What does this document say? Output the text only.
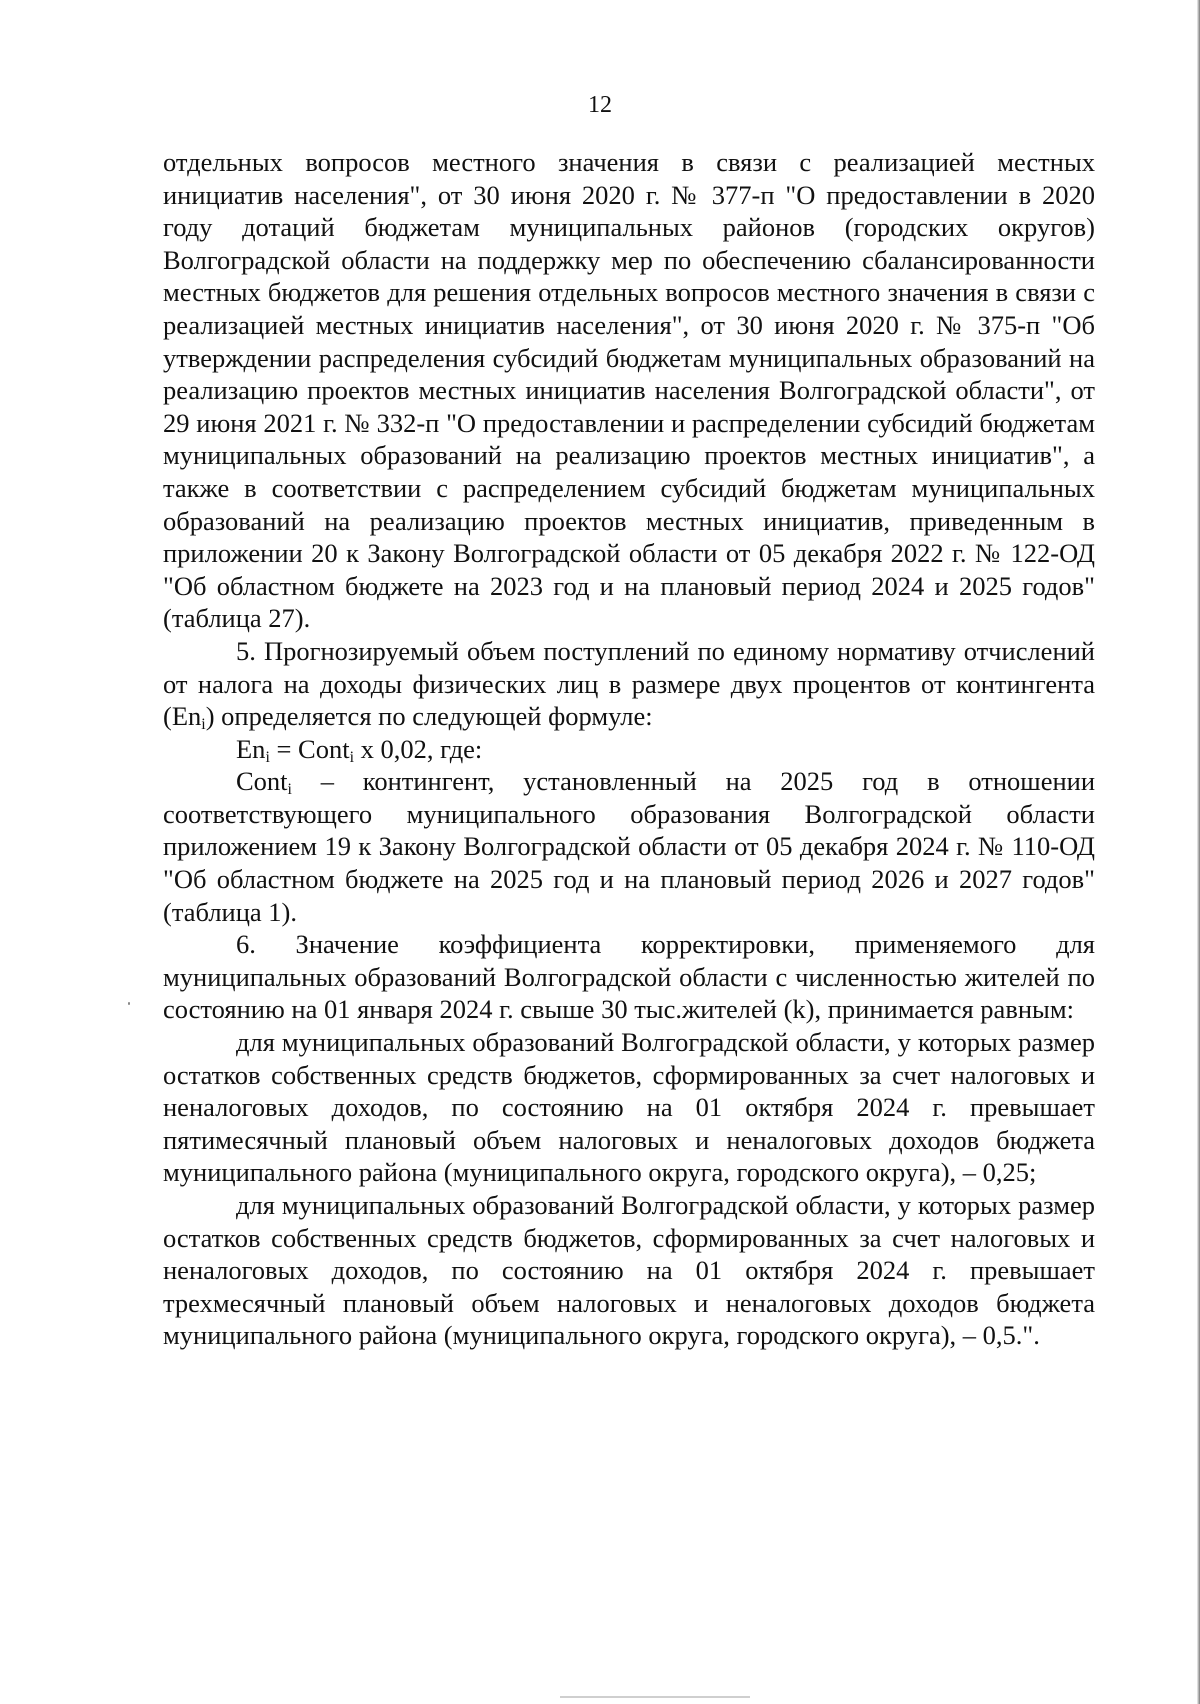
12

отдельных вопросов местного значения в связи с реализацией местных инициатив населения", от 30 июня 2020 г. № 377-п "О предоставлении в 2020 году дотаций бюджетам муниципальных районов (городских округов) Волгоградской области на поддержку мер по обеспечению сбалансированности местных бюджетов для решения отдельных вопросов местного значения в связи с реализацией местных инициатив населения", от 30 июня 2020 г. № 375-п "Об утверждении распределения субсидий бюджетам муниципальных образований на реализацию проектов местных инициатив населения Волгоградской области", от 29 июня 2021 г. № 332-п "О предоставлении и распределении субсидий бюджетам муниципальных образований на реализацию проектов местных инициатив", а также в соответствии с распределением субсидий бюджетам муниципальных образований на реализацию проектов местных инициатив, приведенным в приложении 20 к Закону Волгоградской области от 05 декабря 2022 г. № 122-ОД "Об областном бюджете на 2023 год и на плановый период 2024 и 2025 годов" (таблица 27).

5. Прогнозируемый объем поступлений по единому нормативу отчислений от налога на доходы физических лиц в размере двух процентов от контингента $(En_i)$ определяется по следующей формуле:

$En_i$ = Cont$_i$ х 0,02, где:

Cont$_i$ – контингент, установленный на 2025 год в отношении соответствующего муниципального образования Волгоградской области приложением 19 к Закону Волгоградской области от 05 декабря 2024 г. № 110-ОД "Об областном бюджете на 2025 год и на плановый период 2026 и 2027 годов" (таблица 1).

6. Значение коэффициента корректировки, применяемого для муниципальных образований Волгоградской области с численностью жителей по состоянию на 01 января 2024 г. свыше 30 тыс.жителей (k), принимается равным:

для муниципальных образований Волгоградской области, у которых размер остатков собственных средств бюджетов, сформированных за счет налоговых и неналоговых доходов, по состоянию на 01 октября 2024 г. превышает пятимесячный плановый объем налоговых и неналоговых доходов бюджета муниципального района (муниципального округа, городского округа), – 0,25;

для муниципальных образований Волгоградской области, у которых размер остатков собственных средств бюджетов, сформированных за счет налоговых и неналоговых доходов, по состоянию на 01 октября 2024 г. превышает трехмесячный плановый объем налоговых и неналоговых доходов бюджета муниципального района (муниципального округа, городского округа), – 0,5.".
